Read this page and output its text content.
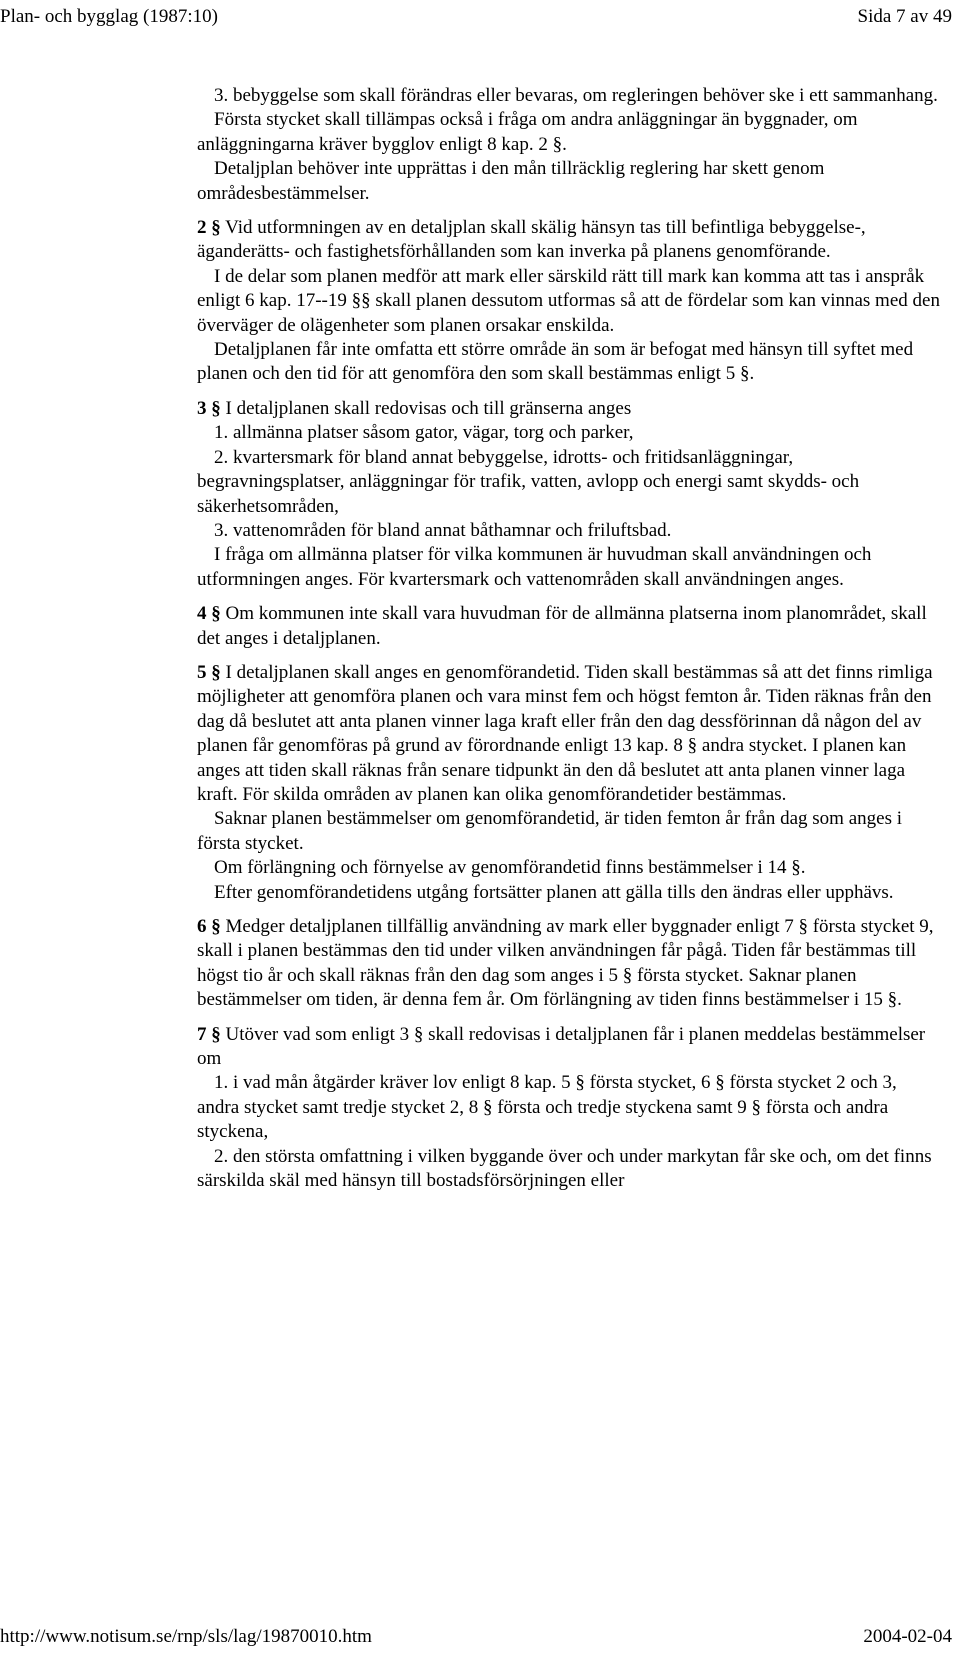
Plan- och bygglag (1987:10)	Sida 7 av 49

3. bebyggelse som skall förändras eller bevaras, om regleringen behöver ske i ett sammanhang.

Första stycket skall tillämpas också i fråga om andra anläggningar än byggnader, om anläggningarna kräver bygglov enligt 8 kap. 2 §.

Detaljplan behöver inte upprättas i den mån tillräcklig reglering har skett genom områdesbestämmelser.

2 § Vid utformningen av en detaljplan skall skälig hänsyn tas till befintliga bebyggelse-, äganderätts- och fastighetsförhållanden som kan inverka på planens genomförande.

I de delar som planen medför att mark eller särskild rätt till mark kan komma att tas i anspråk enligt 6 kap. 17--19 §§ skall planen dessutom utformas så att de fördelar som kan vinnas med den överväger de olägenheter som planen orsakar enskilda.

Detaljplanen får inte omfatta ett större område än som är befogat med hänsyn till syftet med planen och den tid för att genomföra den som skall bestämmas enligt 5 §.

3 § I detaljplanen skall redovisas och till gränserna anges

1. allmänna platser såsom gator, vägar, torg och parker,

2. kvartersmark för bland annat bebyggelse, idrotts- och fritidsanläggningar, begravningsplatser, anläggningar för trafik, vatten, avlopp och energi samt skydds- och säkerhetsområden,

3. vattenområden för bland annat båthamnar och friluftsbad.

I fråga om allmänna platser för vilka kommunen är huvudman skall användningen och utformningen anges. För kvartersmark och vattenområden skall användningen anges.

4 § Om kommunen inte skall vara huvudman för de allmänna platserna inom planområdet, skall det anges i detaljplanen.

5 § I detaljplanen skall anges en genomförandetid. Tiden skall bestämmas så att det finns rimliga möjligheter att genomföra planen och vara minst fem och högst femton år. Tiden räknas från den dag då beslutet att anta planen vinner laga kraft eller från den dag dessförinnan då någon del av planen får genomföras på grund av förordnande enligt 13 kap. 8 § andra stycket. I planen kan anges att tiden skall räknas från senare tidpunkt än den då beslutet att anta planen vinner laga kraft. För skilda områden av planen kan olika genomförandetider bestämmas.

Saknar planen bestämmelser om genomförandetid, är tiden femton år från dag som anges i första stycket.

Om förlängning och förnyelse av genomförandetid finns bestämmelser i 14 §.

Efter genomförandetidens utgång fortsätter planen att gälla tills den ändras eller upphävs.

6 § Medger detaljplanen tillfällig användning av mark eller byggnader enligt 7 § första stycket 9, skall i planen bestämmas den tid under vilken användningen får pågå. Tiden får bestämmas till högst tio år och skall räknas från den dag som anges i 5 § första stycket. Saknar planen bestämmelser om tiden, är denna fem år. Om förlängning av tiden finns bestämmelser i 15 §.

7 § Utöver vad som enligt 3 § skall redovisas i detaljplanen får i planen meddelas bestämmelser om

1. i vad mån åtgärder kräver lov enligt 8 kap. 5 § första stycket, 6 § första stycket 2 och 3, andra stycket samt tredje stycket 2, 8 § första och tredje styckena samt 9 § första och andra styckena,

2. den största omfattning i vilken byggande över och under markytan får ske och, om det finns särskilda skäl med hänsyn till bostadsförsörjningen eller

http://www.notisum.se/rnp/sls/lag/19870010.htm	2004-02-04
